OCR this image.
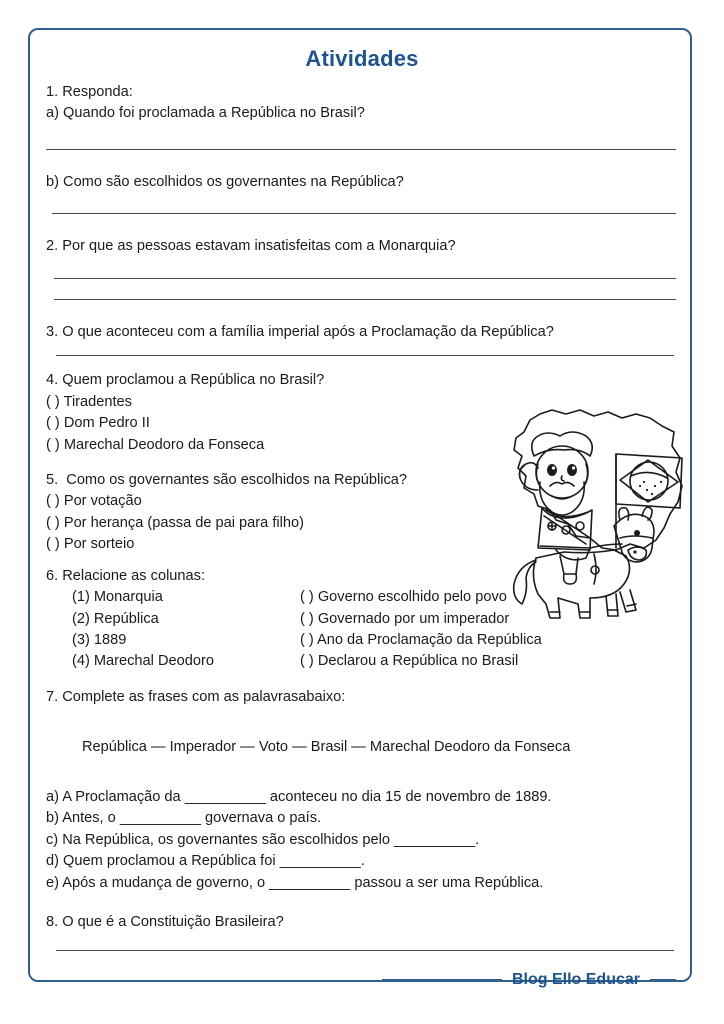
Atividades

1. Responda:

a) Quando foi proclamada a República no Brasil?

b) Como são escolhidos os governantes na República?

2. Por que as pessoas estavam insatisfeitas com a Monarquia?

3. O que aconteceu com a família imperial após a Proclamação da República?

4. Quem proclamou a República no Brasil?

( ) Tiradentes

( ) Dom Pedro II

( ) Marechal Deodoro da Fonseca

5.  Como os governantes são escolhidos na República?

( ) Por votação

( ) Por herança (passa de pai para filho)

( ) Por sorteio

6. Relacione as colunas:

(1) Monarquia	( ) Governo escolhido pelo povo
(2) República	( ) Governado por um imperador
(3) 1889	( ) Ano da Proclamação da República
(4) Marechal Deodoro	( ) Declarou a República no Brasil

7. Complete as frases com as palavrasabaixo:

República — Imperador — Voto — Brasil — Marechal Deodoro da Fonseca

a) A Proclamação da __________ aconteceu no dia 15 de novembro de 1889.

b) Antes, o __________ governava o país.

c) Na República, os governantes são escolhidos pelo __________.

d) Quem proclamou a República foi __________.

e) Após a mudança de governo, o __________ passou a ser uma República.

8. O que é a Constituição Brasileira?

Blog Ello Educar
